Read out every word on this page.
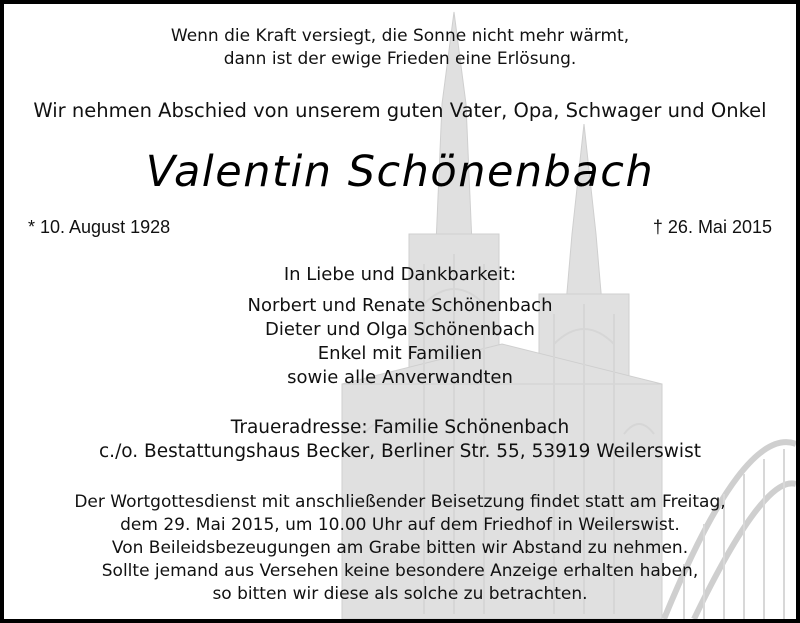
Wenn die Kraft versiegt, die Sonne nicht mehr wärmt,
dann ist der ewige Frieden eine Erlösung.
Wir nehmen Abschied von unserem guten Vater, Opa, Schwager und Onkel
Valentin Schönenbach
* 10. August 1928	† 26. Mai 2015
In Liebe und Dankbarkeit:
Norbert und Renate Schönenbach
Dieter und Olga Schönenbach
Enkel mit Familien
sowie alle Anverwandten
Traueradresse: Familie Schönenbach
c./o. Bestattungshaus Becker, Berliner Str. 55, 53919 Weilerswist
Der Wortgottesdienst mit anschließender Beisetzung findet statt am Freitag,
dem 29. Mai 2015, um 10.00 Uhr auf dem Friedhof in Weilerswist.
Von Beileidsbezeugungen am Grabe bitten wir Abstand zu nehmen.
Sollte jemand aus Versehen keine besondere Anzeige erhalten haben,
so bitten wir diese als solche zu betrachten.
